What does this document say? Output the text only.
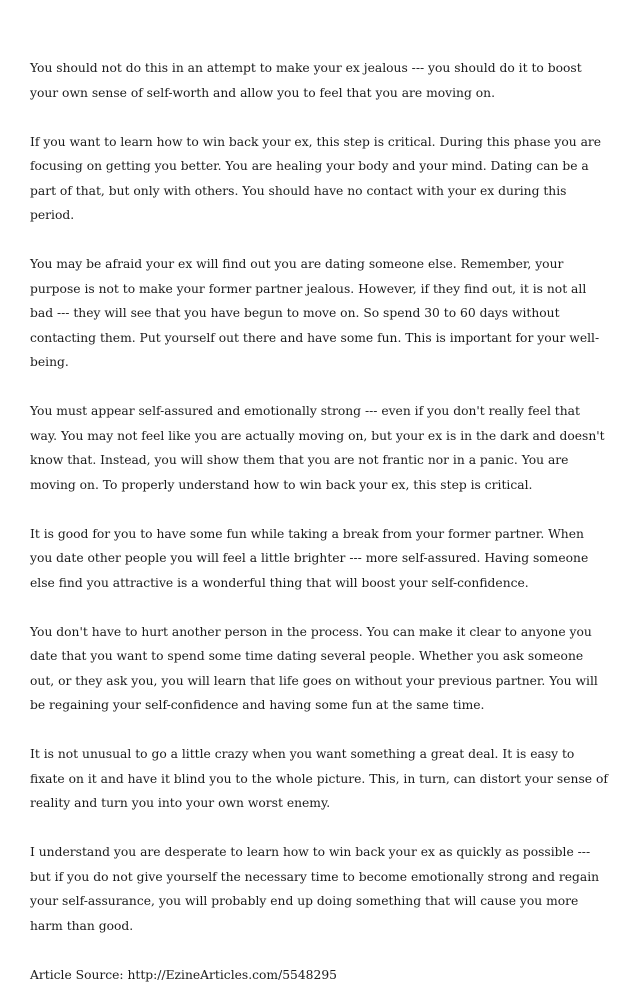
You should not do this in an attempt to make your ex jealous --- you should do it to boost your own sense of self-worth and allow you to feel that you are moving on.

If you want to learn how to win back your ex, this step is critical. During this phase you are focusing on getting you better. You are healing your body and your mind. Dating can be a part of that, but only with others. You should have no contact with your ex during this period.

You may be afraid your ex will find out you are dating someone else. Remember, your purpose is not to make your former partner jealous. However, if they find out, it is not all bad --- they will see that you have begun to move on. So spend 30 to 60 days without contacting them. Put yourself out there and have some fun. This is important for your well-being.

You must appear self-assured and emotionally strong --- even if you don't really feel that way. You may not feel like you are actually moving on, but your ex is in the dark and doesn't know that. Instead, you will show them that you are not frantic nor in a panic. You are moving on. To properly understand how to win back your ex, this step is critical.

It is good for you to have some fun while taking a break from your former partner. When you date other people you will feel a little brighter --- more self-assured. Having someone else find you attractive is a wonderful thing that will boost your self-confidence.

You don't have to hurt another person in the process. You can make it clear to anyone you date that you want to spend some time dating several people. Whether you ask someone out, or they ask you, you will learn that life goes on without your previous partner. You will be regaining your self-confidence and having some fun at the same time.

It is not unusual to go a little crazy when you want something a great deal. It is easy to fixate on it and have it blind you to the whole picture. This, in turn, can distort your sense of reality and turn you into your own worst enemy.

I understand you are desperate to learn how to win back your ex as quickly as possible --- but if you do not give yourself the necessary time to become emotionally strong and regain your self-assurance, you will probably end up doing something that will cause you more harm than good.

Article Source: http://EzineArticles.com/5548295
